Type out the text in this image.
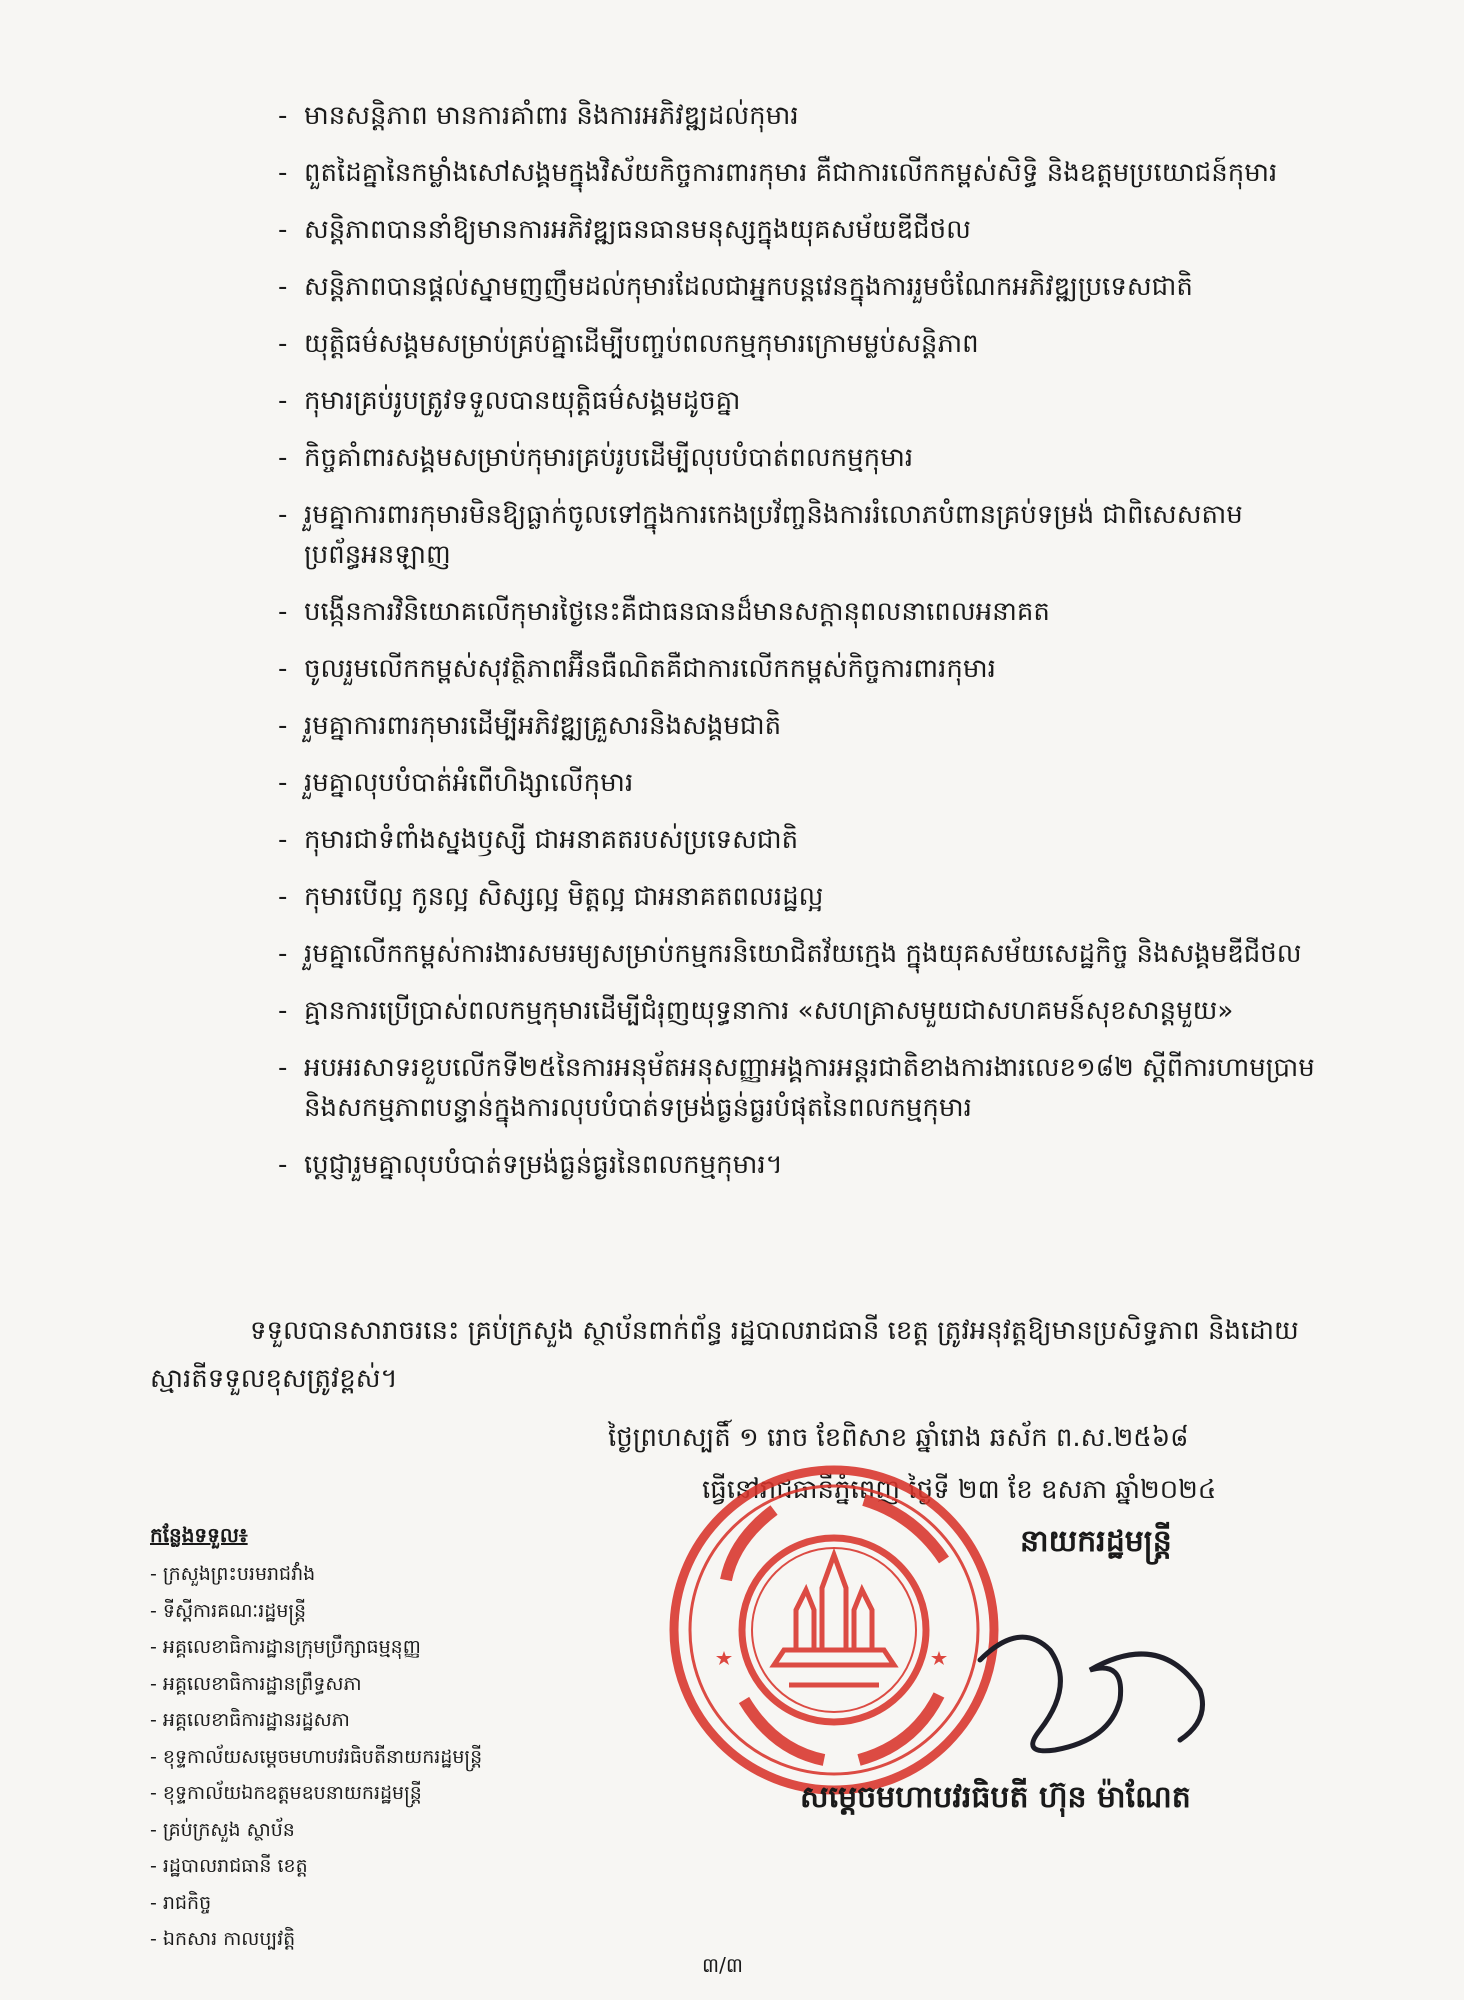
- មានសន្តិភាព មានការគាំពារ និងការអភិវឌ្ឍដល់កុមារ
- ពួតដៃគ្នានៃកម្លាំងសៅសង្គមក្នុងវិស័យកិច្ចការពារកុមារ គឺជាការលើកកម្ពស់សិទ្ធិ និងឧត្តមប្រយោជន៍កុមារ
- សន្តិភាពបាននាំឱ្យមានការអភិវឌ្ឍធនធានមនុស្សក្នុងយុគសម័យឌីជីថល
- សន្តិភាពបានផ្តល់ស្នាមញញឹមដល់កុមារដែលជាអ្នកបន្តវេនក្នុងការរួមចំណែកអភិវឌ្ឍប្រទេសជាតិ
- យុត្តិធម៌សង្គមសម្រាប់គ្រប់គ្នាដើម្បីបញ្ចប់ពលកម្មកុមារក្រោមម្លប់សន្តិភាព
- កុមារគ្រប់រូបត្រូវទទួលបានយុត្តិធម៌សង្គមដូចគ្នា
- កិច្ចគាំពារសង្គមសម្រាប់កុមារគ្រប់រូបដើម្បីលុបបំបាត់ពលកម្មកុមារ
- រួមគ្នាការពារកុមារមិនឱ្យធ្លាក់ចូលទៅក្នុងការកេងប្រវ័ញ្ចនិងការរំលោភបំពានគ្រប់ទម្រង់ ជាពិសេសតាមប្រព័ន្ធអនឡាញ
- បង្កើនការវិនិយោគលើកុមារថ្ងៃនេះគឺជាធនធានដ៏មានសក្តានុពលនាពេលអនាគត
- ចូលរួមលើកកម្ពស់សុវត្ថិភាពអ៊ីនធឺណិតគឺជាការលើកកម្ពស់កិច្ចការពារកុមារ
- រួមគ្នាការពារកុមារដើម្បីអភិវឌ្ឍគ្រួសារនិងសង្គមជាតិ
- រួមគ្នាលុបបំបាត់អំពើហិង្សាលើកុមារ
- កុមារជាទំពាំងស្នងឫស្សី ជាអនាគតរបស់ប្រទេសជាតិ
- កុមារបើល្អ កូនល្អ សិស្សល្អ មិត្តល្អ ជាអនាគតពលរដ្ឋល្អ
- រួមគ្នាលើកកម្ពស់ការងារសមរម្យសម្រាប់កម្មករនិយោជិតវ័យក្មេង ក្នុងយុគសម័យសេដ្ឋកិច្ច និងសង្គមឌីជីថល
- គ្មានការប្រើប្រាស់ពលកម្មកុមារដើម្បីជំរុញយុទ្ធនាការ «សហគ្រាសមួយជាសហគមន៍សុខសាន្តមួយ»
- អបអរសាទរខួបលើកទី២៥នៃការអនុម័តអនុសញ្ញាអង្គការអន្តរជាតិខាងការងារលេខ១៨២ ស្តីពីការហាមប្រាមនិងសកម្មភាពបន្ទាន់ក្នុងការលុបបំបាត់ទម្រង់ធ្ងន់ធ្ងរបំផុតនៃពលកម្មកុមារ
- ប្តេជ្ញារួមគ្នាលុបបំបាត់ទម្រង់ធ្ងន់ធ្ងរនៃពលកម្មកុមារ។

ទទួលបានសារាចរនេះ គ្រប់ក្រសួង ស្ថាប័នពាក់ព័ន្ធ រដ្ឋបាលរាជធានី ខេត្ត ត្រូវអនុវត្តឱ្យមានប្រសិទ្ធភាព និងដោយស្មារតីទទួលខុសត្រូវខ្ពស់។

ថ្ងៃព្រហស្បតិ៍ ១ រោច ខែពិសាខ ឆ្នាំរោង ឆស័ក ព.ស.២៥៦៨
ធ្វើនៅរាជធានីភ្នំពេញ ថ្ងៃទី ២៣ ខែ ឧសភា ឆ្នាំ២០២៤
នាយករដ្ឋមន្ត្រី
សម្តេចមហាបវរធិបតី ហ៊ុន ម៉ាណែត
កន្លែងទទួល៖
- ក្រសួងព្រះបរមរាជវាំង
- ទីស្តីការគណៈរដ្ឋមន្ត្រី
- អគ្គលេខាធិការដ្ឋានក្រុមប្រឹក្សាធម្មនុញ្ញ
- អគ្គលេខាធិការដ្ឋានព្រឹទ្ធសភា
- អគ្គលេខាធិការដ្ឋានរដ្ឋសភា
- ខុទ្ទកាល័យសម្តេចមហាបវរធិបតីនាយករដ្ឋមន្ត្រី
- ខុទ្ទកាល័យឯកឧត្តមឧបនាយករដ្ឋមន្ត្រី
- គ្រប់ក្រសួង ស្ថាប័ន
- រដ្ឋបាលរាជធានី ខេត្ត
- រាជកិច្ច
- ឯកសារ កាលប្បវត្តិ
៣/៣
